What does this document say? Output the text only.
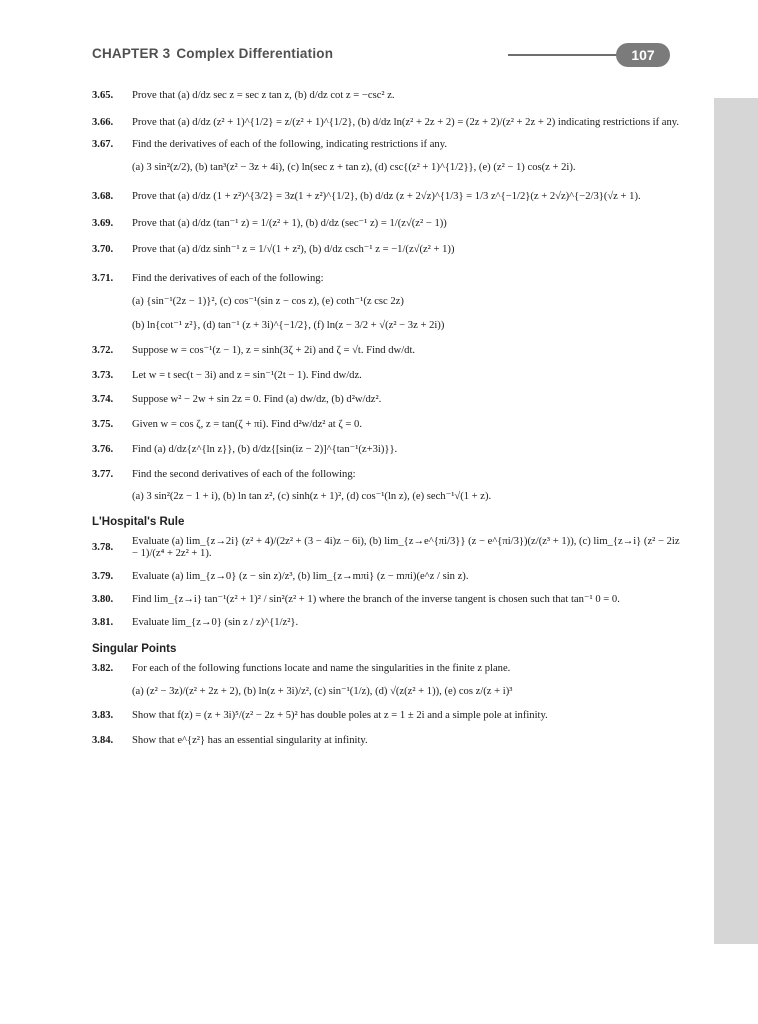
CHAPTER 3 Complex Differentiation	107
3.65.	Prove that (a) d/dz sec z = sec z tan z, (b) d/dz cot z = −csc² z.
3.66.	Prove that (a) d/dz (z² + 1)^{1/2} = z/(z² + 1)^{1/2}, (b) d/dz ln(z² + 2z + 2) = (2z + 2)/(z² + 2z + 2) indicating restrictions if any.
3.67.	Find the derivatives of each of the following, indicating restrictions if any.
(a) 3 sin²(z/2), (b) tan³(z² − 3z + 4i), (c) ln(sec z + tan z), (d) csc{(z² + 1)^{1/2}}, (e) (z² − 1) cos(z + 2i).
3.68.	Prove that (a) d/dz (1 + z²)^{3/2} = 3z(1 + z²)^{1/2}, (b) d/dz (z + 2√z)^{1/3} = 1/3 z^{−1/2}(z + 2√z)^{−2/3}(√z + 1).
3.69.	Prove that (a) d/dz (tan⁻¹ z) = 1/(z² + 1), (b) d/dz (sec⁻¹ z) = 1/(z√(z² − 1))
3.70.	Prove that (a) d/dz sinh⁻¹ z = 1/√(1 + z²), (b) d/dz csch⁻¹ z = −1/(z√(z² + 1))
3.71.	Find the derivatives of each of the following:
(a) {sin⁻¹(2z − 1)}², (c) cos⁻¹(sin z − cos z), (e) coth⁻¹(z csc 2z)
(b) ln{cot⁻¹ z²}, (d) tan⁻¹ (z + 3i)^{−1/2}, (f) ln(z − 3/2 + √(z² − 3z + 2i))
3.72.	Suppose w = cos⁻¹(z − 1), z = sinh(3ζ + 2i) and ζ = √t. Find dw/dt.
3.73.	Let w = t sec(t − 3i) and z = sin⁻¹(2t − 1). Find dw/dz.
3.74.	Suppose w² − 2w + sin 2z = 0. Find (a) dw/dz, (b) d²w/dz².
3.75.	Given w = cos ζ, z = tan(ζ + πi). Find d²w/dz² at ζ = 0.
3.76.	Find (a) d/dz{z^{ln z}}, (b) d/dz{[sin(iz − 2)]^{tan⁻¹(z+3i)}}.
3.77.	Find the second derivatives of each of the following:
(a) 3 sin²(2z − 1 + i), (b) ln tan z², (c) sinh(z + 1)², (d) cos⁻¹(ln z), (e) sech⁻¹√(1 + z).
L'Hospital's Rule
3.78.
Evaluate (a) lim_{z→2i} (z² + 4)/(2z² + (3 − 4i)z − 6i), (b) lim_{z→e^{πi/3}} (z − e^{πi/3})(z/(z³ + 1)), (c) lim_{z→i} (z² − 2iz − 1)/(z⁴ + 2z² + 1).
3.79.	Evaluate (a) lim_{z→0} (z − sin z)/z³, (b) lim_{z→mπi} (z − mπi)(e^z / sin z).
3.80.	Find lim_{z→i} tan⁻¹(z² + 1)² / sin²(z² + 1) where the branch of the inverse tangent is chosen such that tan⁻¹ 0 = 0.
3.81.	Evaluate lim_{z→0} (sin z / z)^{1/z²}.
Singular Points
3.82.	For each of the following functions locate and name the singularities in the finite z plane.
(a) (z² − 3z)/(z² + 2z + 2), (b) ln(z + 3i)/z², (c) sin⁻¹(1/z), (d) √(z(z² + 1)), (e) cos z/(z + i)³
3.83.	Show that f(z) = (z + 3i)⁵/(z² − 2z + 5)² has double poles at z = 1 ± 2i and a simple pole at infinity.
3.84.	Show that e^{z²} has an essential singularity at infinity.
